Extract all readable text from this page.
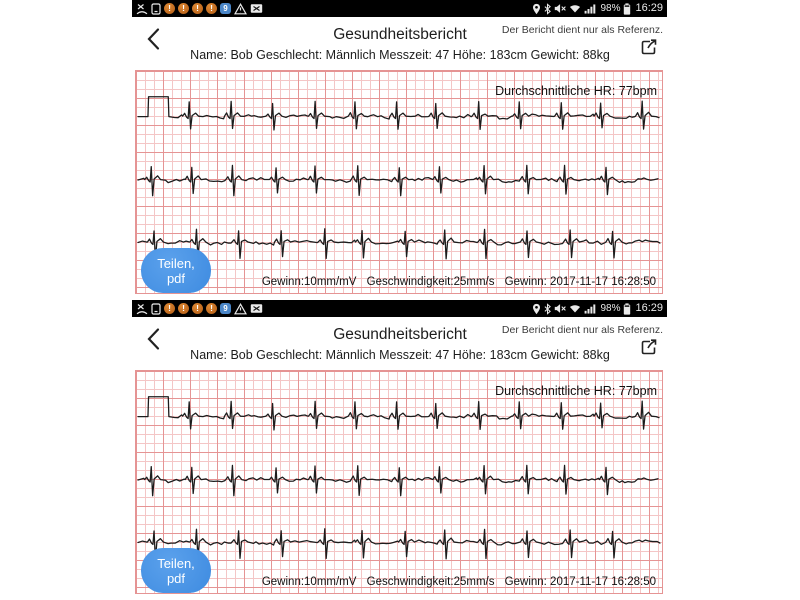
!
!
!
!
9	98% 16:29
Gesundheitsbericht	Der Bericht dient nur als Referenz.
Name: Bob Geschlecht: Männlich Messzeit: 47 Höhe: 183cm Gewicht: 88kg
Durchschnittliche HR: 77bpm
Teilen, pdf	Gewinn:10mm/mV Geschwindigkeit:25mm/s Gewinn: 2017-11-17 16:28:50
!
!
!
!
9	98% 16:29
Gesundheitsbericht	Der Bericht dient nur als Referenz.
Name: Bob Geschlecht: Männlich Messzeit: 47 Höhe: 183cm Gewicht: 88kg
Durchschnittliche HR: 77bpm
Teilen, pdf	Gewinn:10mm/mV Geschwindigkeit:25mm/s Gewinn: 2017-11-17 16:28:50
